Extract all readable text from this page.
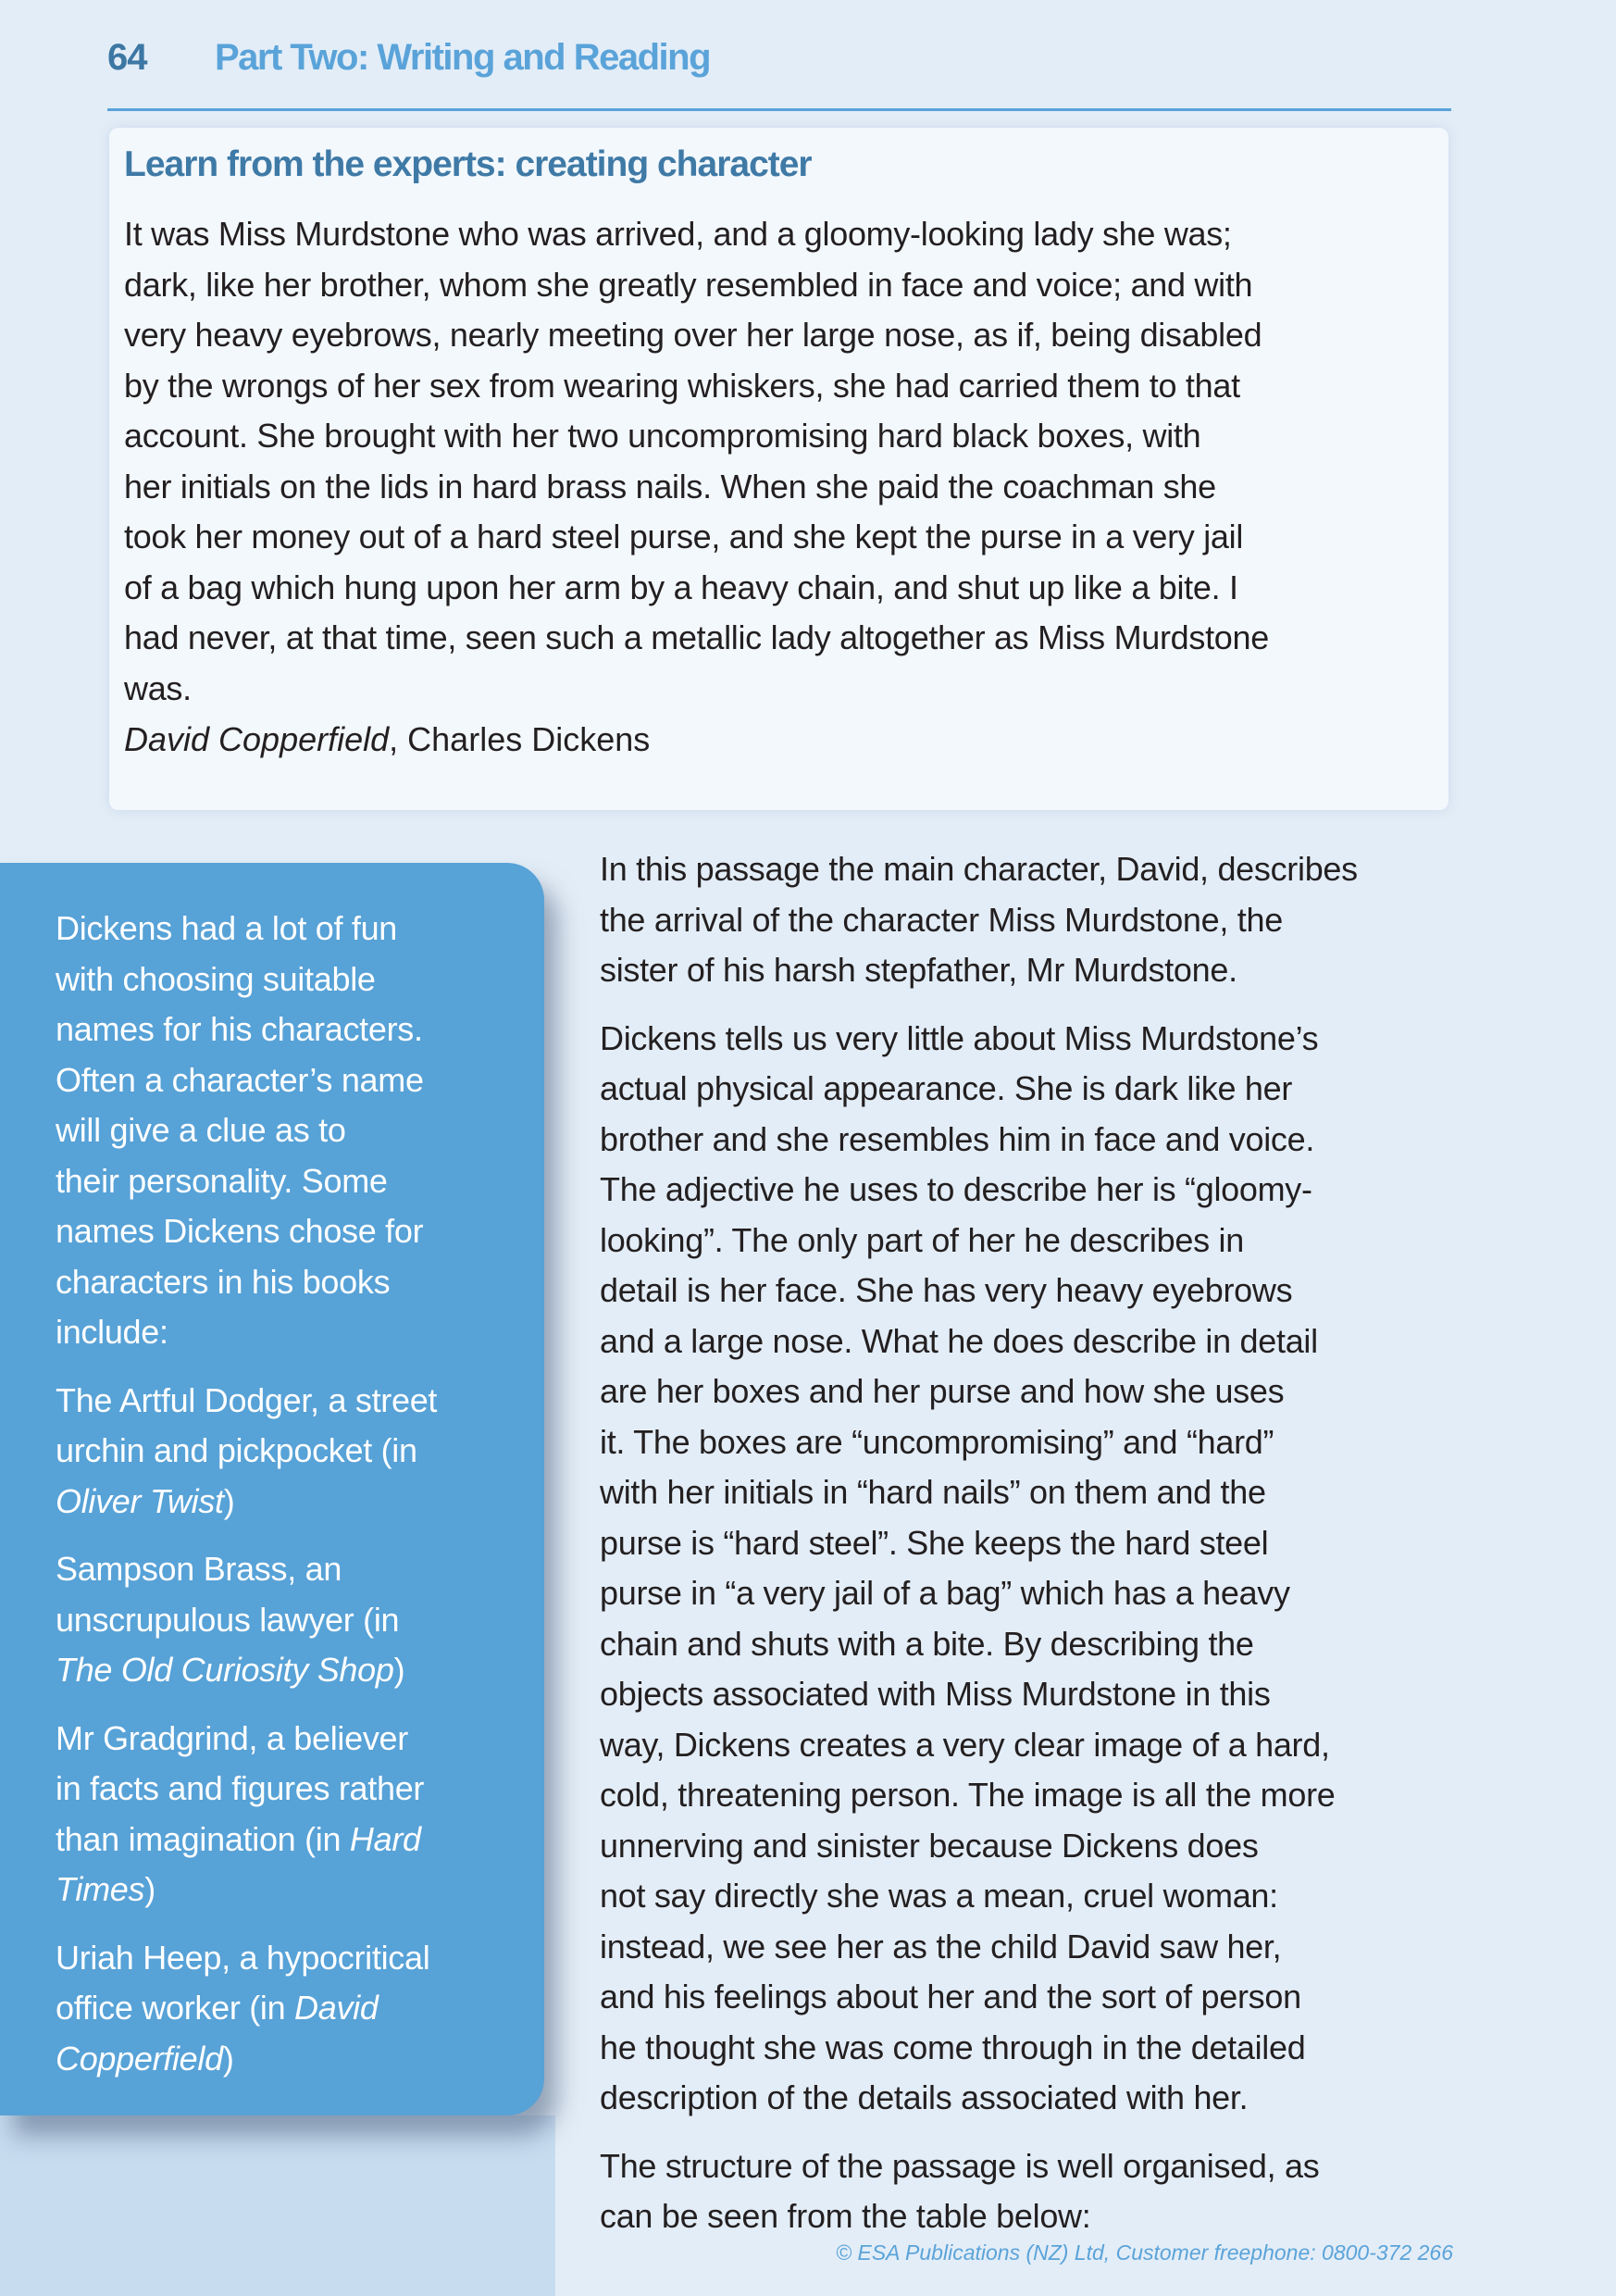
64 Part Two: Writing and Reading
Learn from the experts: creating character
It was Miss Murdstone who was arrived, and a gloomy-looking lady she was;
dark, like her brother, whom she greatly resembled in face and voice; and with
very heavy eyebrows, nearly meeting over her large nose, as if, being disabled
by the wrongs of her sex from wearing whiskers, she had carried them to that
account. She brought with her two uncompromising hard black boxes, with
her initials on the lids in hard brass nails. When she paid the coachman she
took her money out of a hard steel purse, and she kept the purse in a very jail
of a bag which hung upon her arm by a heavy chain, and shut up like a bite. I
had never, at that time, seen such a metallic lady altogether as Miss Murdstone
was.
David Copperfield, Charles Dickens
Dickens had a lot of fun
with choosing suitable
names for his characters.
Often a character’s name
will give a clue as to
their personality. Some
names Dickens chose for
characters in his books
include:
The Artful Dodger, a street
urchin and pickpocket (in
Oliver Twist)
Sampson Brass, an
unscrupulous lawyer (in
The Old Curiosity Shop)
Mr Gradgrind, a believer
in facts and figures rather
than imagination (in Hard
Times)
Uriah Heep, a hypocritical
office worker (in David
Copperfield)
In this passage the main character, David, describes
the arrival of the character Miss Murdstone, the
sister of his harsh stepfather, Mr Murdstone.
Dickens tells us very little about Miss Murdstone’s
actual physical appearance. She is dark like her
brother and she resembles him in face and voice.
The adjective he uses to describe her is “gloomy-
looking”. The only part of her he describes in
detail is her face. She has very heavy eyebrows
and a large nose. What he does describe in detail
are her boxes and her purse and how she uses
it. The boxes are “uncompromising” and “hard”
with her initials in “hard nails” on them and the
purse is “hard steel”. She keeps the hard steel
purse in “a very jail of a bag” which has a heavy
chain and shuts with a bite. By describing the
objects associated with Miss Murdstone in this
way, Dickens creates a very clear image of a hard,
cold, threatening person. The image is all the more
unnerving and sinister because Dickens does
not say directly she was a mean, cruel woman:
instead, we see her as the child David saw her,
and his feelings about her and the sort of person
he thought she was come through in the detailed
description of the details associated with her.
The structure of the passage is well organised, as
can be seen from the table below:
© ESA Publications (NZ) Ltd, Customer freephone: 0800-372 266
